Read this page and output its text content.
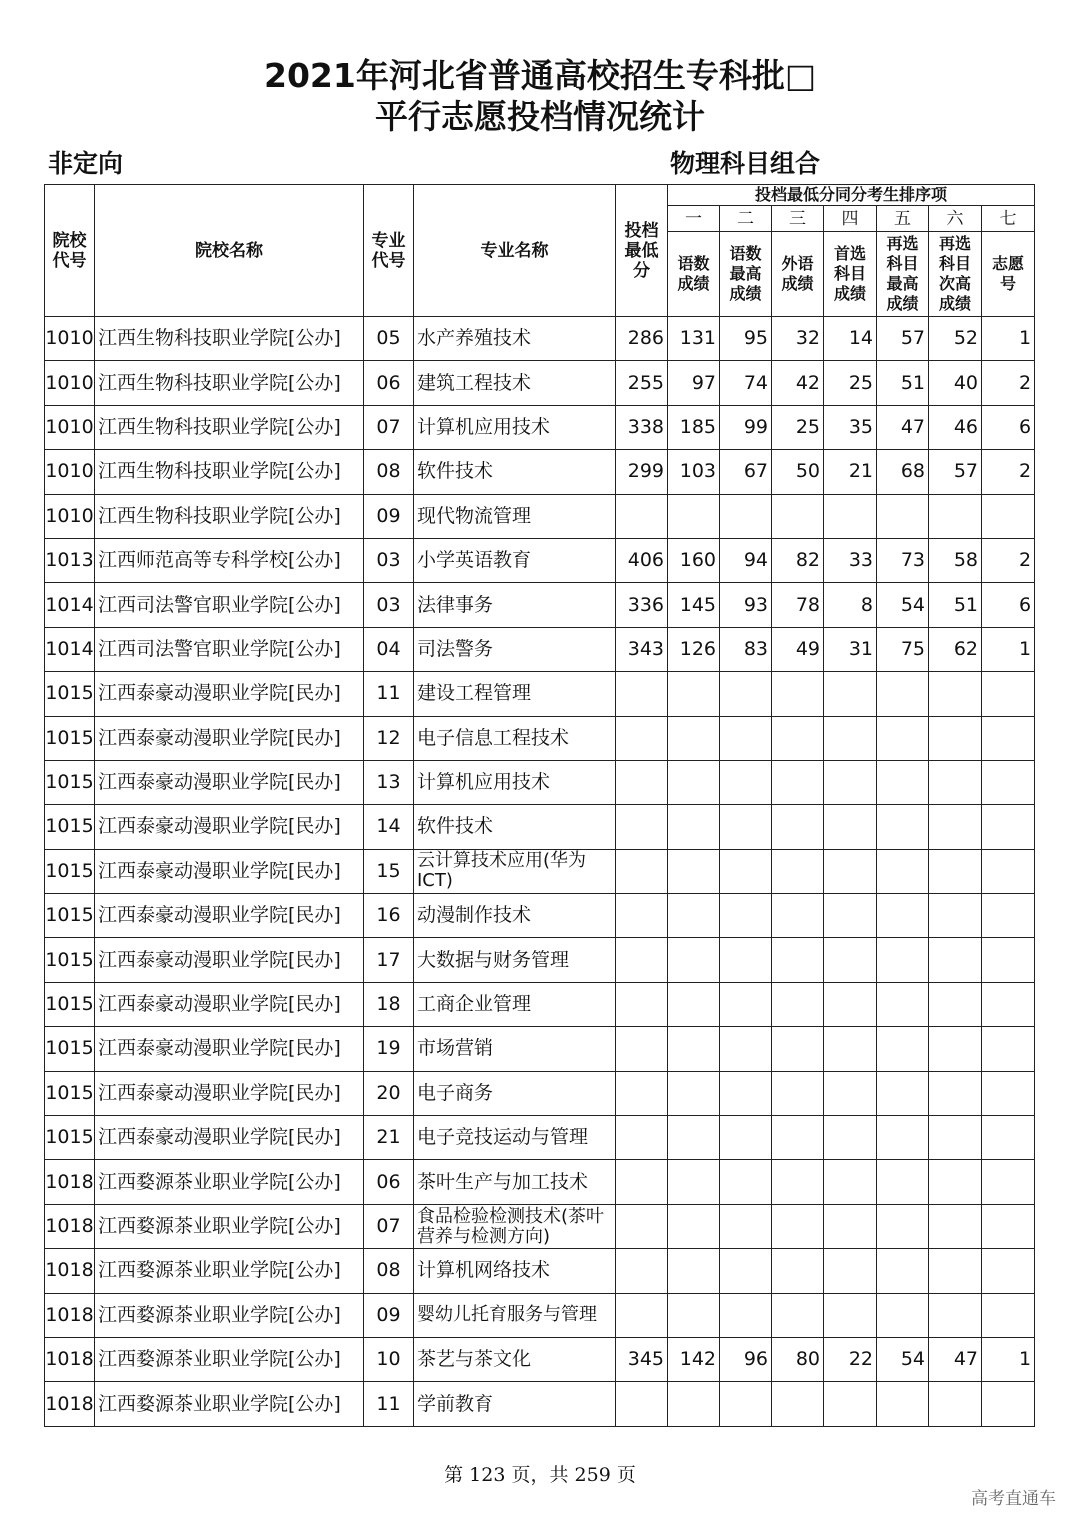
2021年河北省普通高校招生专科批□
平行志愿投档情况统计
非定向	物理科目组合
院校代号	院校名称	专业代号	专业名称	投档最低分	投档最低分同分考生排序项						
					一	二	三	四	五	六	七

					语数成绩	语数最高成绩	外语成绩	首选科目成绩	再选科目最高成绩	再选科目次高成绩	志愿号

1010	江西生物科技职业学院[公办]	05	水产养殖技术	286	131	95	32	14	57	52	1
1010	江西生物科技职业学院[公办]	06	建筑工程技术	255	97	74	42	25	51	40	2
1010	江西生物科技职业学院[公办]	07	计算机应用技术	338	185	99	25	35	47	46	6
1010	江西生物科技职业学院[公办]	08	软件技术	299	103	67	50	21	68	57	2
1010	江西生物科技职业学院[公办]	09	现代物流管理								
1013	江西师范高等专科学校[公办]	03	小学英语教育	406	160	94	82	33	73	58	2
1014	江西司法警官职业学院[公办]	03	法律事务	336	145	93	78	8	54	51	6
1014	江西司法警官职业学院[公办]	04	司法警务	343	126	83	49	31	75	62	1
1015	江西泰豪动漫职业学院[民办]	11	建设工程管理								
1015	江西泰豪动漫职业学院[民办]	12	电子信息工程技术								
1015	江西泰豪动漫职业学院[民办]	13	计算机应用技术								
1015	江西泰豪动漫职业学院[民办]	14	软件技术								
1015	江西泰豪动漫职业学院[民办]	15	云计算技术应用(华为ICT)								
1015	江西泰豪动漫职业学院[民办]	16	动漫制作技术								
1015	江西泰豪动漫职业学院[民办]	17	大数据与财务管理								
1015	江西泰豪动漫职业学院[民办]	18	工商企业管理								
1015	江西泰豪动漫职业学院[民办]	19	市场营销								
1015	江西泰豪动漫职业学院[民办]	20	电子商务								
1015	江西泰豪动漫职业学院[民办]	21	电子竞技运动与管理								
1018	江西婺源茶业职业学院[公办]	06	茶叶生产与加工技术								
1018	江西婺源茶业职业学院[公办]	07	食品检验检测技术(茶叶营养与检测方向)								
1018	江西婺源茶业职业学院[公办]	08	计算机网络技术								
1018	江西婺源茶业职业学院[公办]	09	婴幼儿托育服务与管理								
1018	江西婺源茶业职业学院[公办]	10	茶艺与茶文化	345	142	96	80	22	54	47	1
1018	江西婺源茶业职业学院[公办]	11	学前教育								
第 123 页，共 259 页
高考直通车
